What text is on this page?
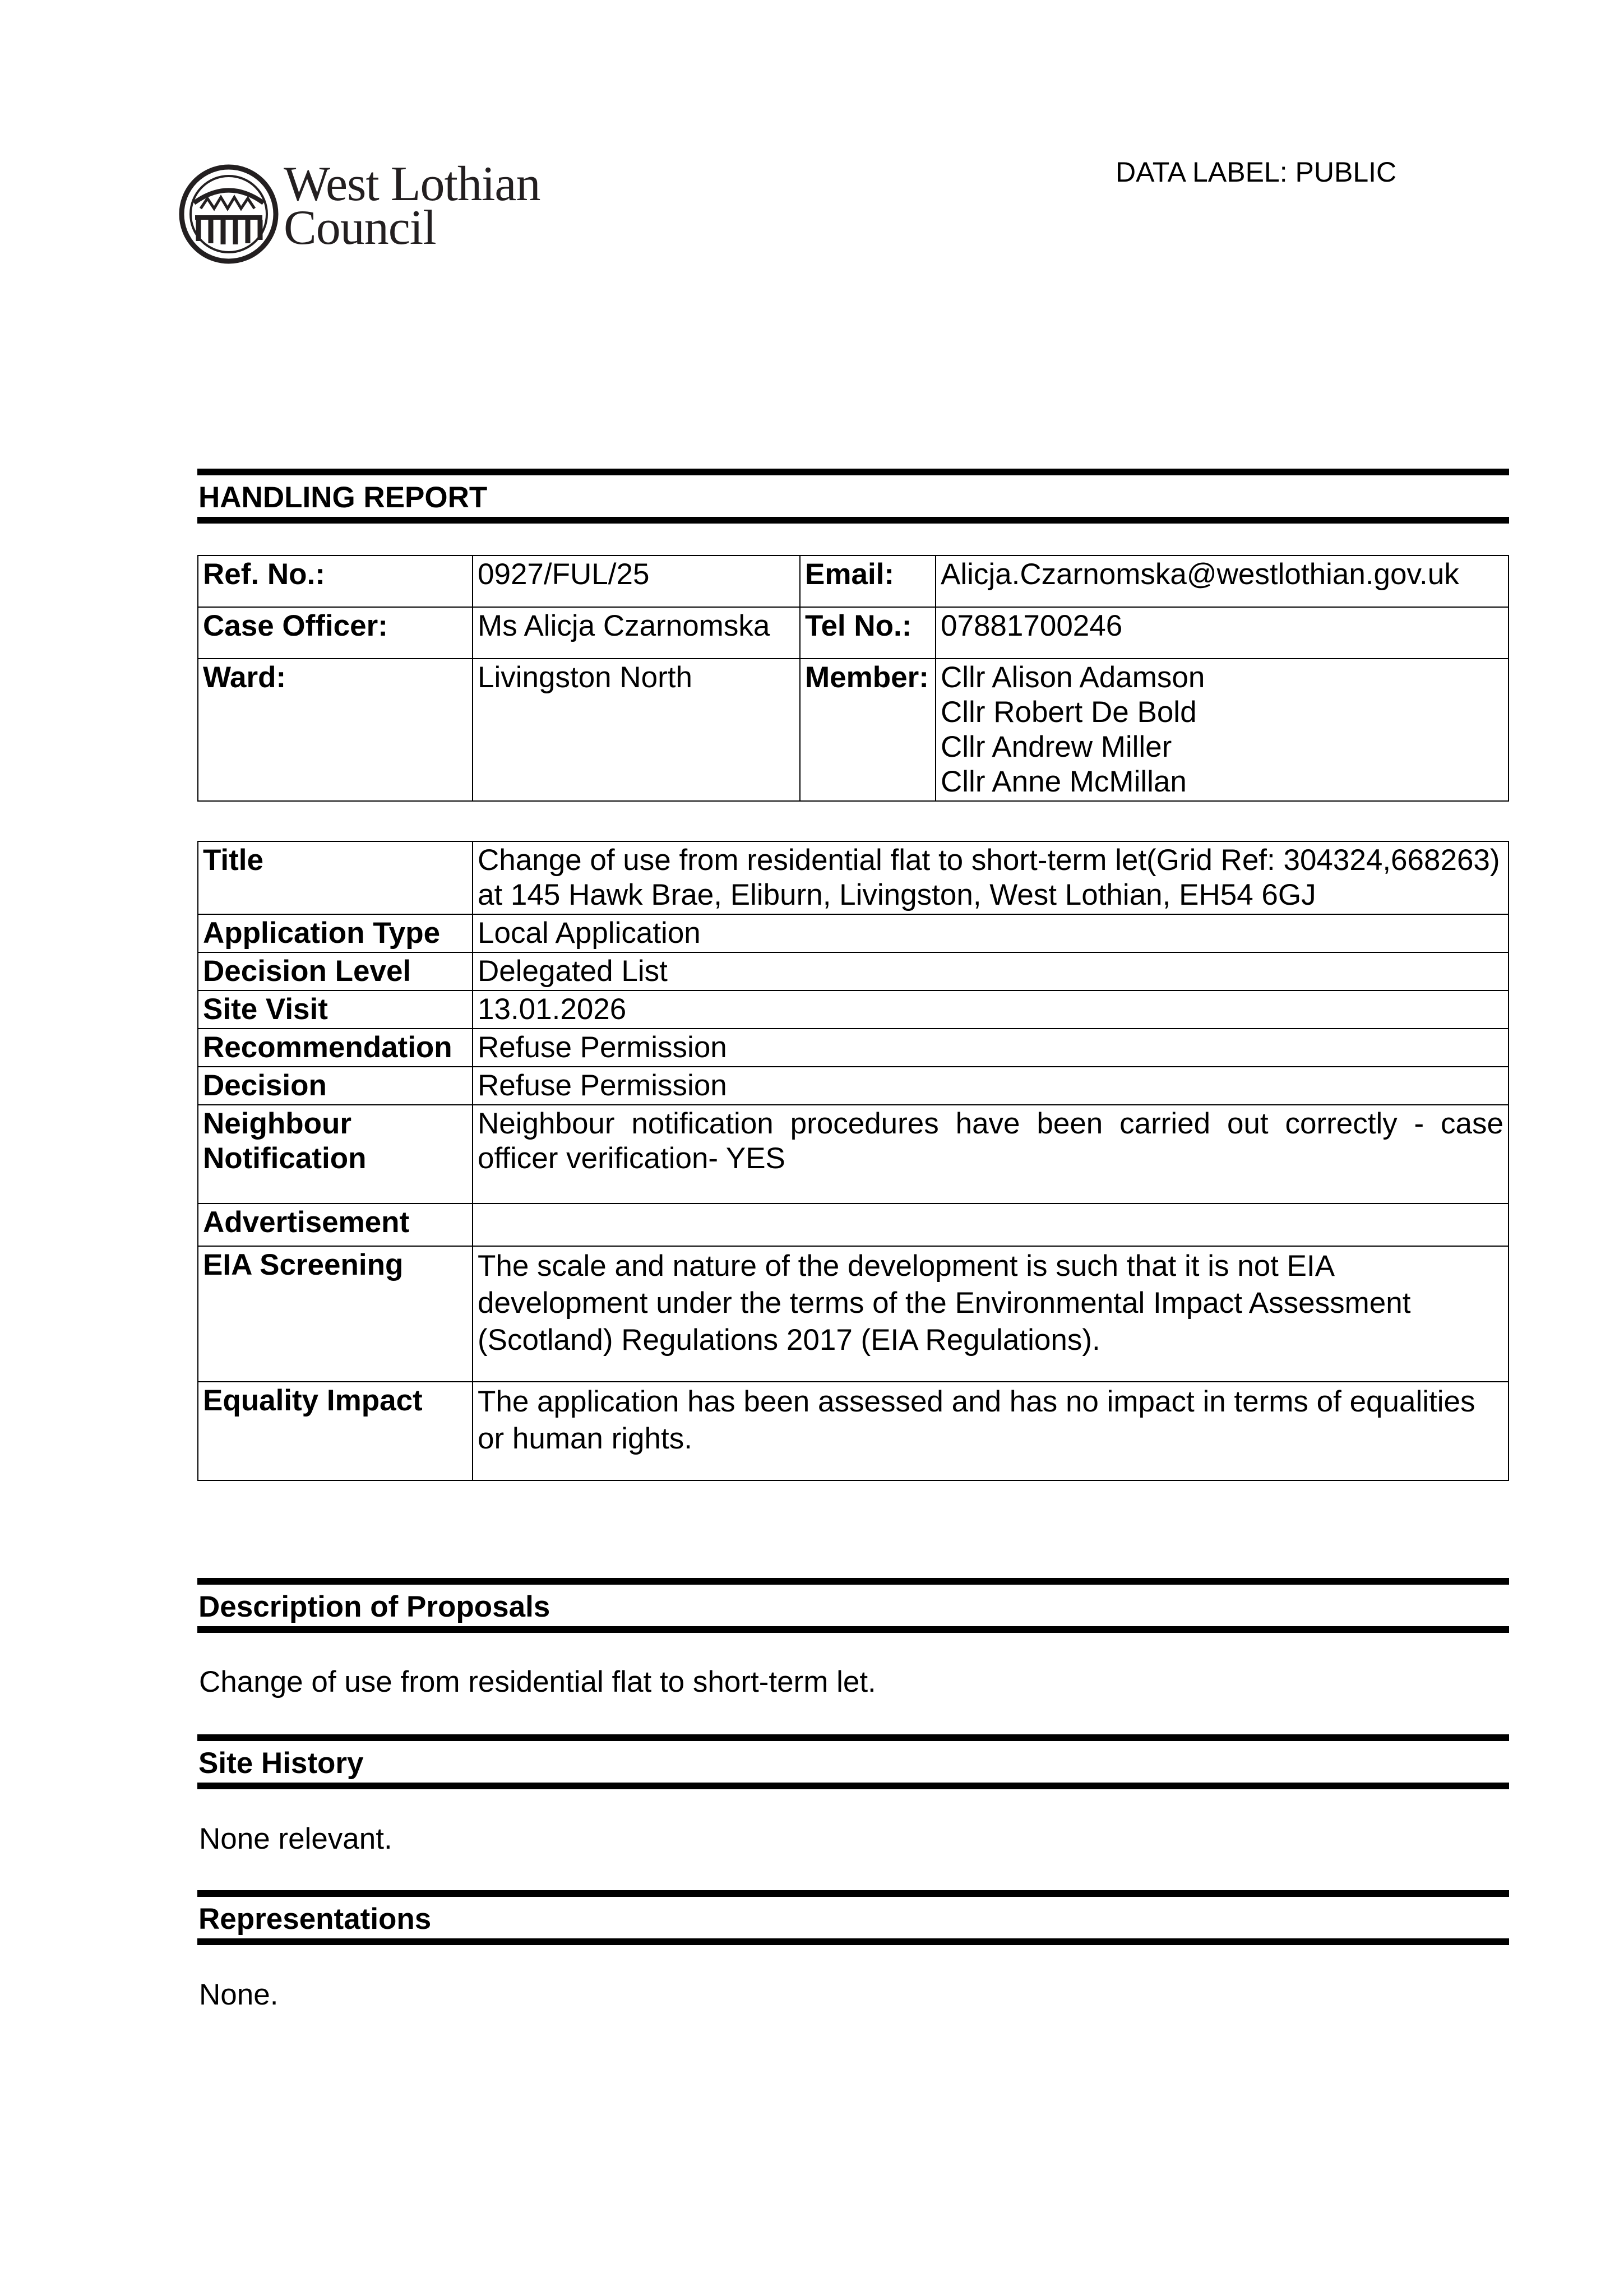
West Lothian
Council
DATA LABEL: PUBLIC
HANDLING REPORT
Ref. No.:	0927/FUL/25	Email:	Alicja.Czarnomska@westlothian.gov.uk
Case Officer:	Ms Alicja Czarnomska	Tel No.:	07881700246
Ward:	Livingston North	Member:	Cllr Alison Adamson
Cllr Robert De Bold
Cllr Andrew Miller
Cllr Anne McMillan
Title	Change of use from residential flat to short-term let(Grid Ref: 304324,668263) at 145 Hawk Brae, Eliburn, Livingston, West Lothian, EH54 6GJ
Application Type	Local Application
Decision Level	Delegated List
Site Visit	13.01.2026
Recommendation	Refuse Permission
Decision	Refuse Permission
Neighbour Notification	Neighbour notification procedures have been carried out correctly - case officer verification- YES
Advertisement	
EIA Screening	The scale and nature of the development is such that it is not EIA development under the terms of the Environmental Impact Assessment (Scotland) Regulations 2017 (EIA Regulations).
Equality Impact	The application has been assessed and has no impact in terms of equalities or human rights.
Description of Proposals
Change of use from residential flat to short-term let.
Site History
None relevant.
Representations
None.
